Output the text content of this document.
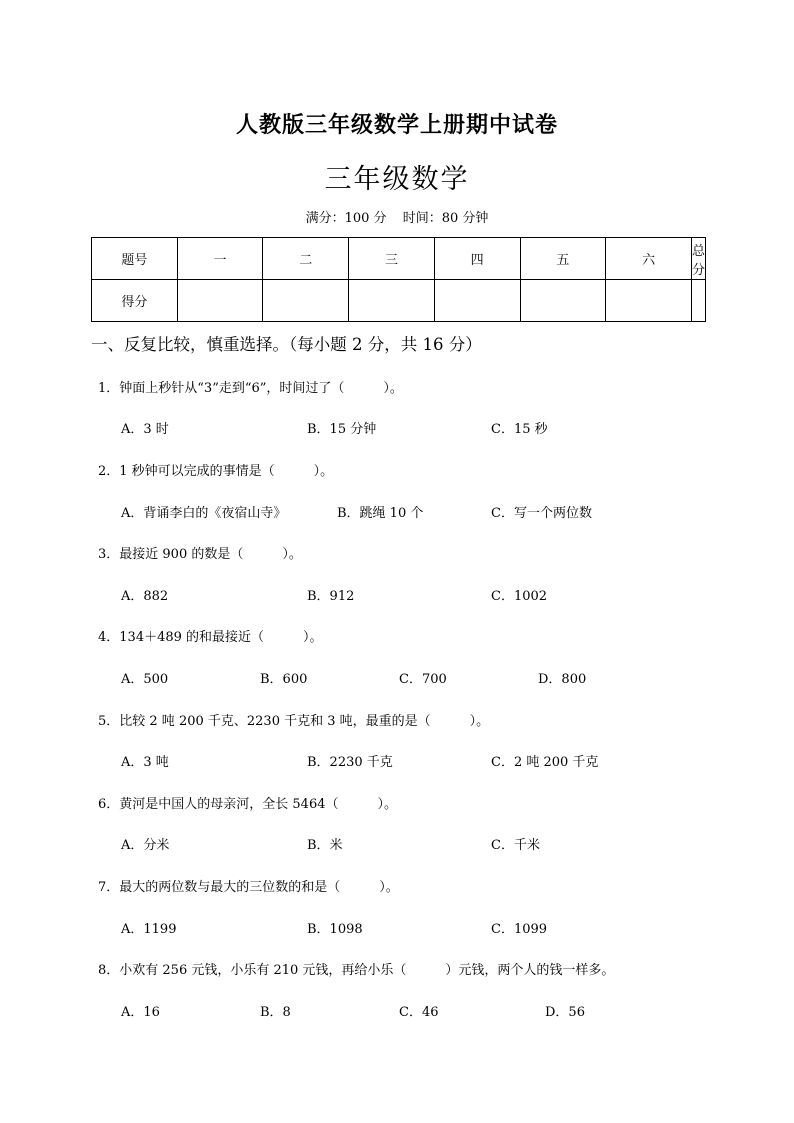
人教版三年级数学上册期中试卷
三年级数学
满分：100 分 时间：80 分钟
题号	一	二	三	四	五	六	总分
得分							
一、反复比较，慎重选择。（每小题 2 分，共 16 分）
1．钟面上秒针从“3”走到“6”，时间过了（　　　）。
A．3 时	B．15 分钟	C．15 秒
2．1 秒钟可以完成的事情是（　　　）。
A．背诵李白的《夜宿山寺》	B．跳绳 10 个	C．写一个两位数
3．最接近 900 的数是（　　　）。
A．882	B．912	C．1002
4．134＋489 的和最接近（　　　）。
A．500	B．600	C．700	D．800
5．比较 2 吨 200 千克、2230 千克和 3 吨，最重的是（　　　）。
A．3 吨	B．2230 千克	C．2 吨 200 千克
6．黄河是中国人的母亲河，全长 5464（　　　）。
A．分米	B．米	C．千米
7．最大的两位数与最大的三位数的和是（　　　）。
A．1199	B．1098	C．1099
8．小欢有 256 元钱，小乐有 210 元钱，再给小乐（　　　）元钱，两个人的钱一样多。
A．16	B．8	C．46	D．56
